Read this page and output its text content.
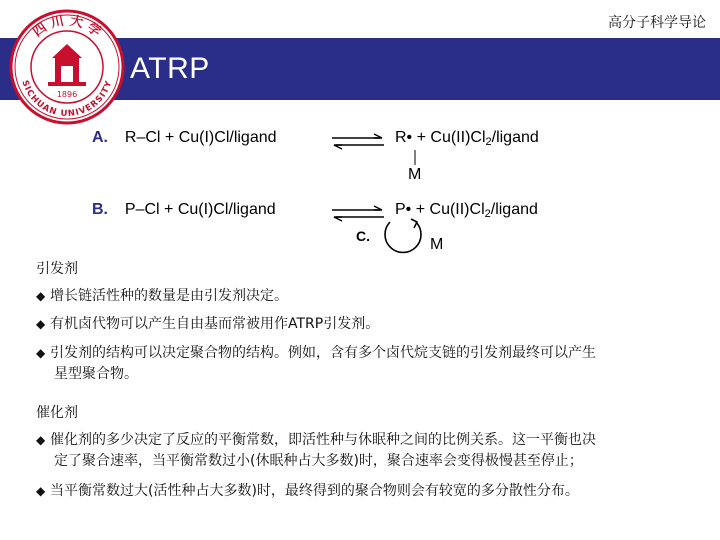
高分子科学导论
ATRP
四 川 大 学
SICHUAN UNIVERSITY
1896
A. R–Cl + Cu(I)Cl/ligand	R• + $Cu(II)Cl_2$/ligand
M
B. P–Cl + Cu(I)Cl/ligand	P• + $Cu(II)Cl_2$/ligand
C.	M
引发剂
◆ 增长链活性种的数量是由引发剂决定。
◆ 有机卤代物可以产生自由基而常被用作ATRP引发剂。
◆ 引发剂的结构可以决定聚合物的结构。例如，含有多个卤代烷支链的引发剂最终可以产生
星型聚合物。
催化剂
◆ 催化剂的多少决定了反应的平衡常数，即活性种与休眠种之间的比例关系。这一平衡也决
定了聚合速率，当平衡常数过小(休眠种占大多数)时，聚合速率会变得极慢甚至停止；
◆ 当平衡常数过大(活性种占大多数)时，最终得到的聚合物则会有较宽的多分散性分布。
